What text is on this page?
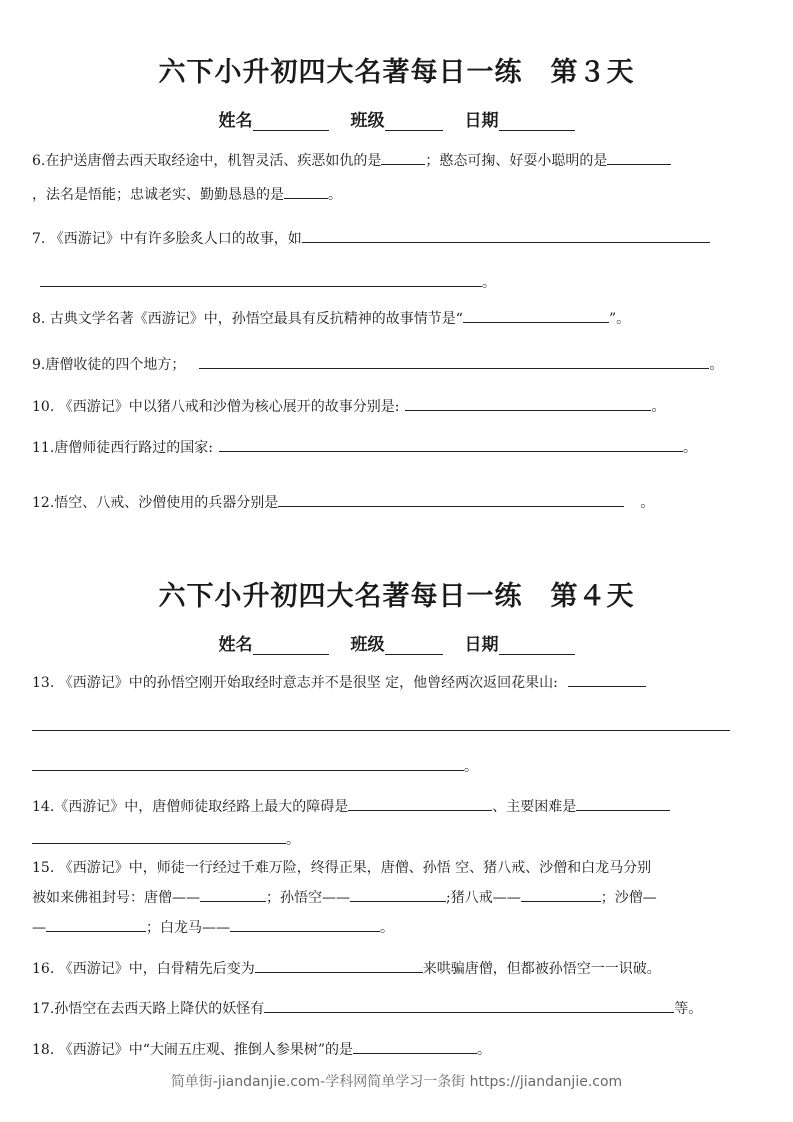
六下小升初四大名著每日一练　第３天
姓名	班级	日期
6.在护送唐僧去西天取经途中，机智灵活、疾恶如仇的是	；憨态可掬、好耍小聪明的是
，法名是悟能；忠诚老实、勤勤恳恳的是	。
7. 《西游记》中有许多脍炙人口的故事，如
。
8. 古典文学名著《西游记》中，孙悟空最具有反抗精神的故事情节是“	”。
9.唐僧收徒的四个地方；	。
10. 《西游记》中以猪八戒和沙僧为核心展开的故事分别是:	。
11.唐僧师徒西行路过的国家:	。
12.悟空、八戒、沙僧使用的兵器分别是	。
六下小升初四大名著每日一练　第４天
姓名	班级	日期
13. 《西游记》中的孙悟空刚开始取经时意志并不是很坚 定，他曾经两次返回花果山:
。
14.《西游记》中，唐僧师徒取经路上最大的障碍是	、主要困难是
。
15. 《西游记》中，师徒一行经过千难万险，终得正果，唐僧、孙悟 空、猪八戒、沙僧和白龙马分别
被如来佛祖封号：唐僧——	；孙悟空——	;猪八戒——	；沙僧—
—	；白龙马——	。
16. 《西游记》中，白骨精先后变为	来哄骗唐僧，但都被孙悟空一一识破。
17.孙悟空在去西天路上降伏的妖怪有	等。
18. 《西游记》中“大闹五庄观、推倒人参果树”的是	。
简单街-jiandanjie.com-学科网简单学习一条街 https://jiandanjie.com
